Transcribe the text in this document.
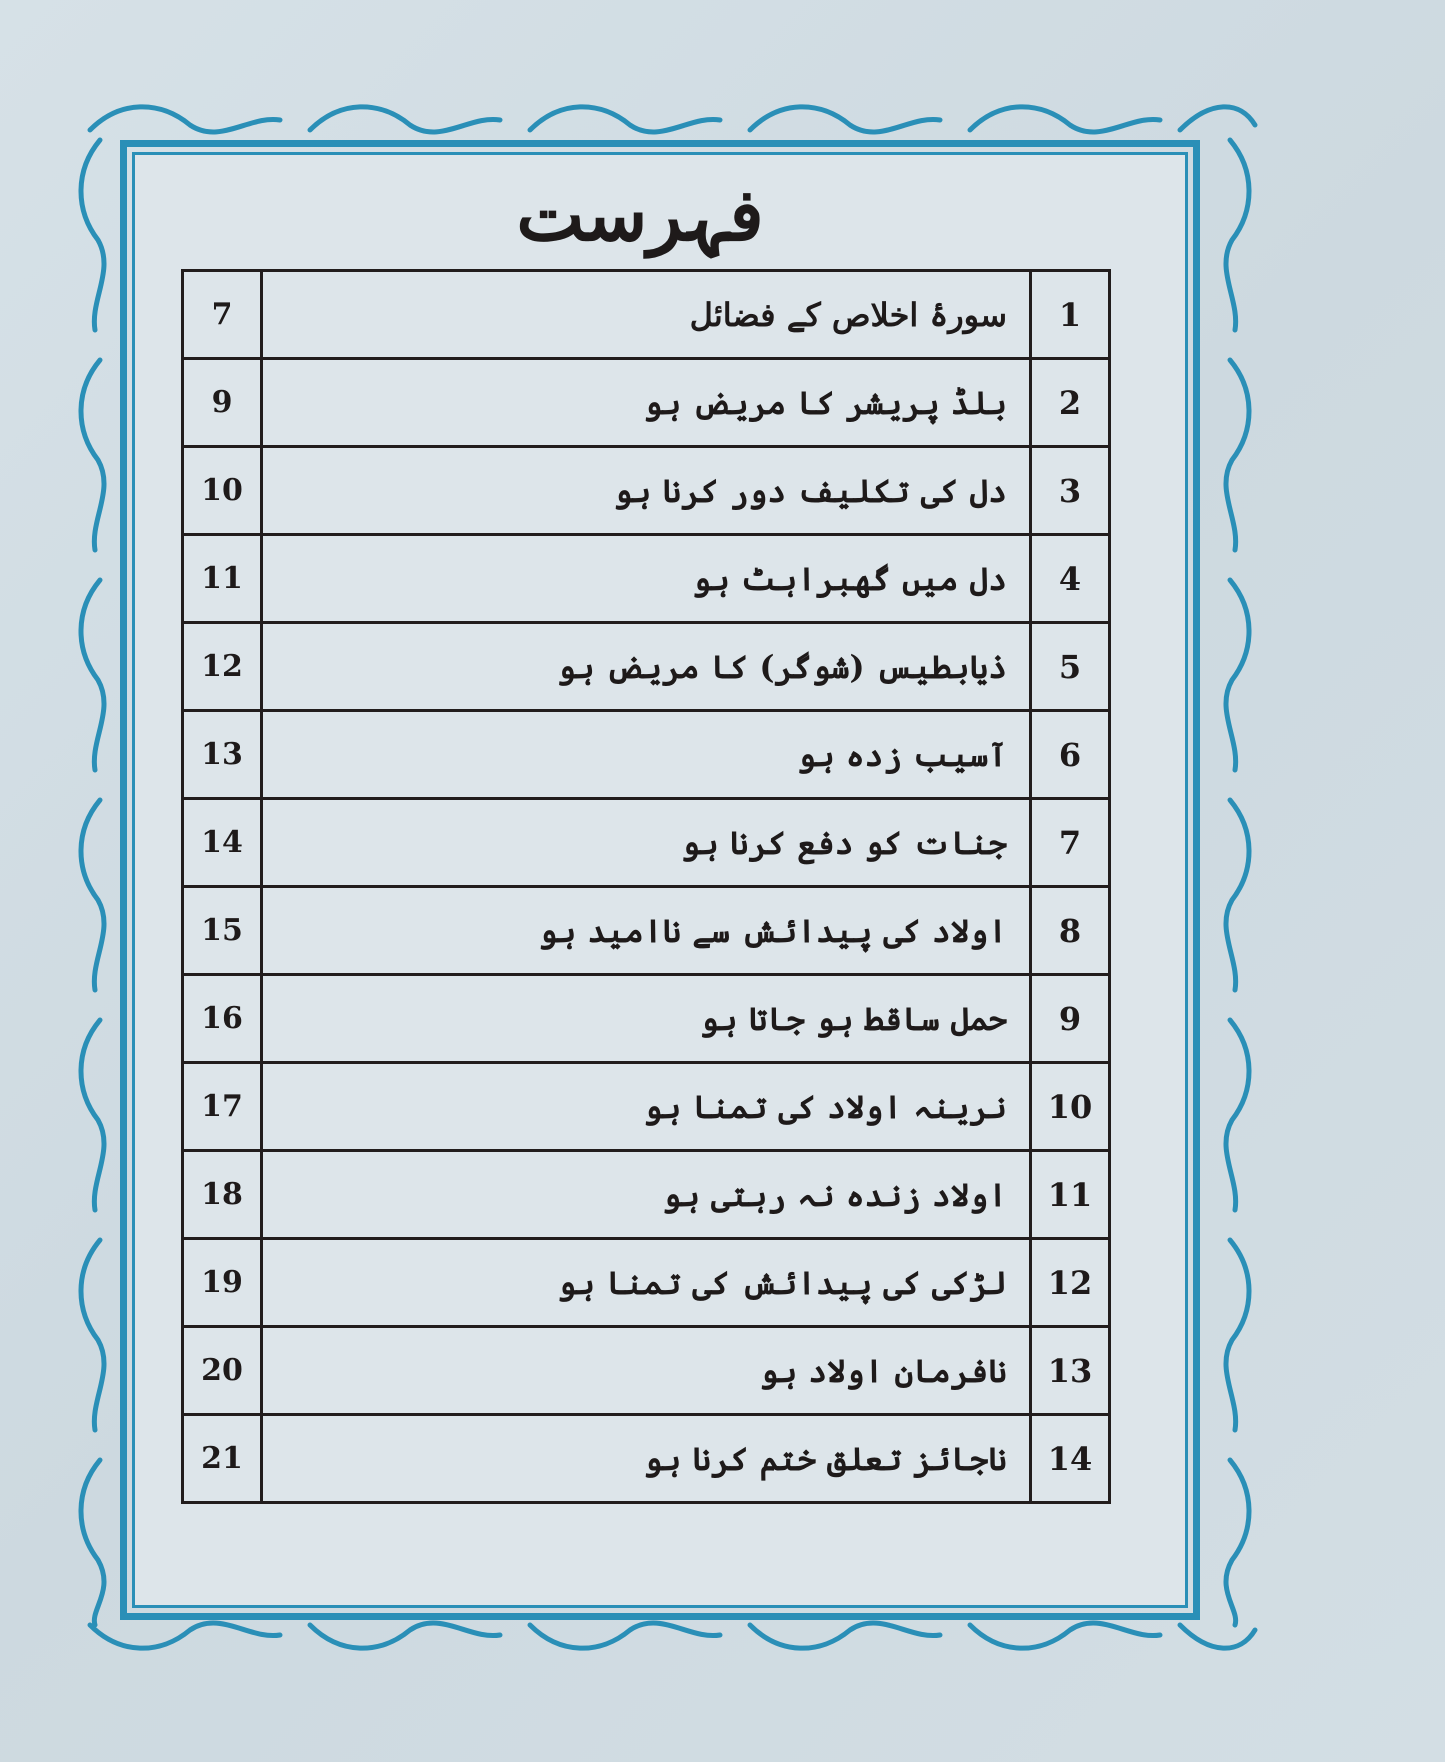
فہرست
7	سورۂ اخلاص کے فضائل	1
9	بلڈ پریشر کا مریض ہو	2
10	دل کی تکلیف دور کرنا ہو	3
11	دل میں گھبراہٹ ہو	4
12	ذیابطیس (شوگر) کا مریض ہو	5
13	آسیب زدہ ہو	6
14	جنات کو دفع کرنا ہو	7
15	اولاد کی پیدائش سے ناامید ہو	8
16	حمل ساقط ہو جاتا ہو	9
17	نرینہ اولاد کی تمنا ہو	10
18	اولاد زندہ نہ رہتی ہو	11
19	لڑکی کی پیدائش کی تمنا ہو	12
20	نافرمان اولاد ہو	13
21	ناجائز تعلق ختم کرنا ہو	14
